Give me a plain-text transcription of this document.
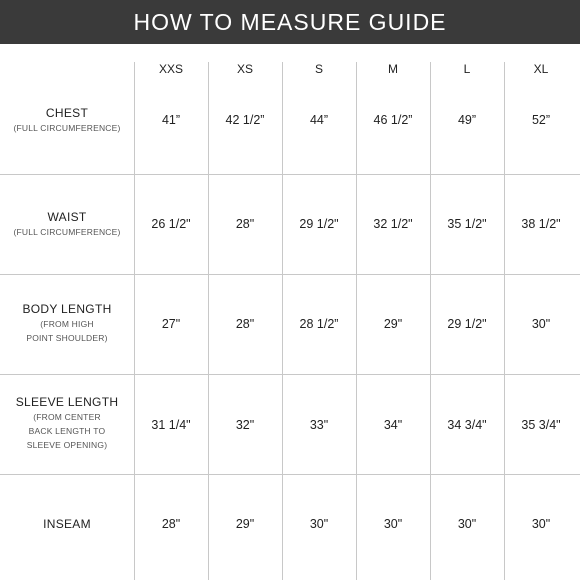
HOW TO MEASURE GUIDE
XXS	XS	S	M	L	XL
CHEST
(FULL CIRCUMFERENCE)
41”	42 1/2”	44”	46 1/2”	49”	52”
WAIST
(FULL CIRCUMFERENCE)
26 1/2"	28"	29 1/2"	32 1/2"	35 1/2"	38 1/2"
BODY LENGTH
(FROM HIGH
POINT SHOULDER)
27"	28"	28 1/2”	29"	29 1/2"	30"
SLEEVE LENGTH
(FROM CENTER
BACK LENGTH TO
SLEEVE OPENING)
31 1/4"	32"	33"	34"	34 3/4"	35 3/4"
INSEAM	28"	29"	30"	30"	30"	30"
